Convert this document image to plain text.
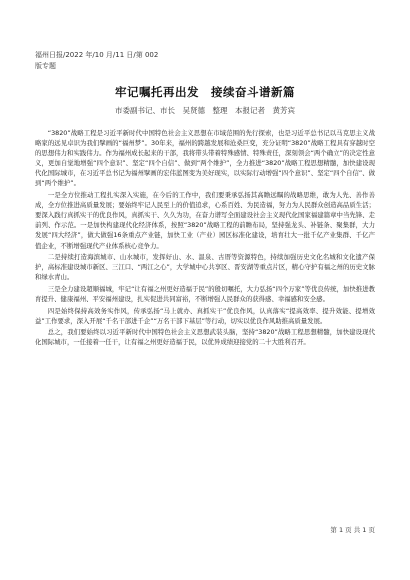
福州日报/2022 年/10 月/11 日/第 002
版专题
牢记嘱托再出发　接续奋斗谱新篇
市委副书记、市长　吴贤德　整理　本报记者　黄芳宾

“3820”战略工程是习近平新时代中国特色社会主义思想在市域范围的先行探索，也是习近平总书记以马克思主义战略家的远见卓识为我们擘画的“福州梦”。30年来，福州的跨越发展和沧桑巨变，充分证明“3820”战略工程具有穿越时空的思想伟力和实践伟力。作为福州成长起来的干部，我将带头带着特殊感情、特殊责任，深刻领会“两个确立”的决定性意义，更加自觉地增强“四个意识”、坚定“四个自信”、做到“两个维护”，全力推进“3820”战略工程思想精髓，加快建设现代化国际城市，在习近平总书记为福州擘画的宏伟蓝图变为美好现实，以实际行动增强“四个意识”、坚定“四个自信”、做到“两个维护”。

一是全方位推动工程扎实深入实施，在今后的工作中，我们要秉承弘扬其高瞻远瞩的战略思维，敢为人先、善作善成，全方位推进高质量发展；要始终牢记人民至上的价值追求，心系百姓、为民造福，努力为人民群众创造高品质生活；要深入践行真抓实干的优良作风，真抓实干、久久为功，在奋力谱写全面建设社会主义现代化国家福建篇章中当先锋、走前列、作示范。一是加快构建现代化经济体系，按照“3820”战略工程的前瞻布局，坚持强龙头、补链条、聚集群，大力发展“四大经济”，做大做强16条重点产业链，加快工业（产业）园区标准化建设，培育壮大一批千亿产业集群、千亿产值企业，不断增强现代产业体系核心竞争力。

二是持续打造海滨城市、山水城市，发挥好山、水、温泉、古厝等资源特色，持续加强历史文化名城和文化遗产保护，高标准建设城市新区、三江口、“两江之心”，大学城中心共享区、晋安湖等重点片区，精心守护有福之州的历史文脉和绿水青山。

三是全力建设超顺福城，牢记“让有福之州更好造福于民”的殷切嘱托，大力弘扬“四个万家”等优良传统，加快推进教育提升、健康福州、平安福州建设，扎实促进共同富裕，不断增强人民群众的获得感、幸福感和安全感。

四是始终保持高效务实作风，传承弘扬“马上就办、真抓实干”优良作风，认真落实“提高效率、提升效能、提增效益”工作要求，深入开展“千名干部进千企”“万名干部下基层”等行动，切实以优良作风助推高质量发展。

总之，我们要始终以习近平新时代中国特色社会主义思想武装头脑，坚持“3820”战略工程思想精髓，加快建设现代化国际城市，一任接着一任干，让有福之州更好造福于民，以优异成绩迎接党的二十大胜利召开。

第 1 页 共 1 页
